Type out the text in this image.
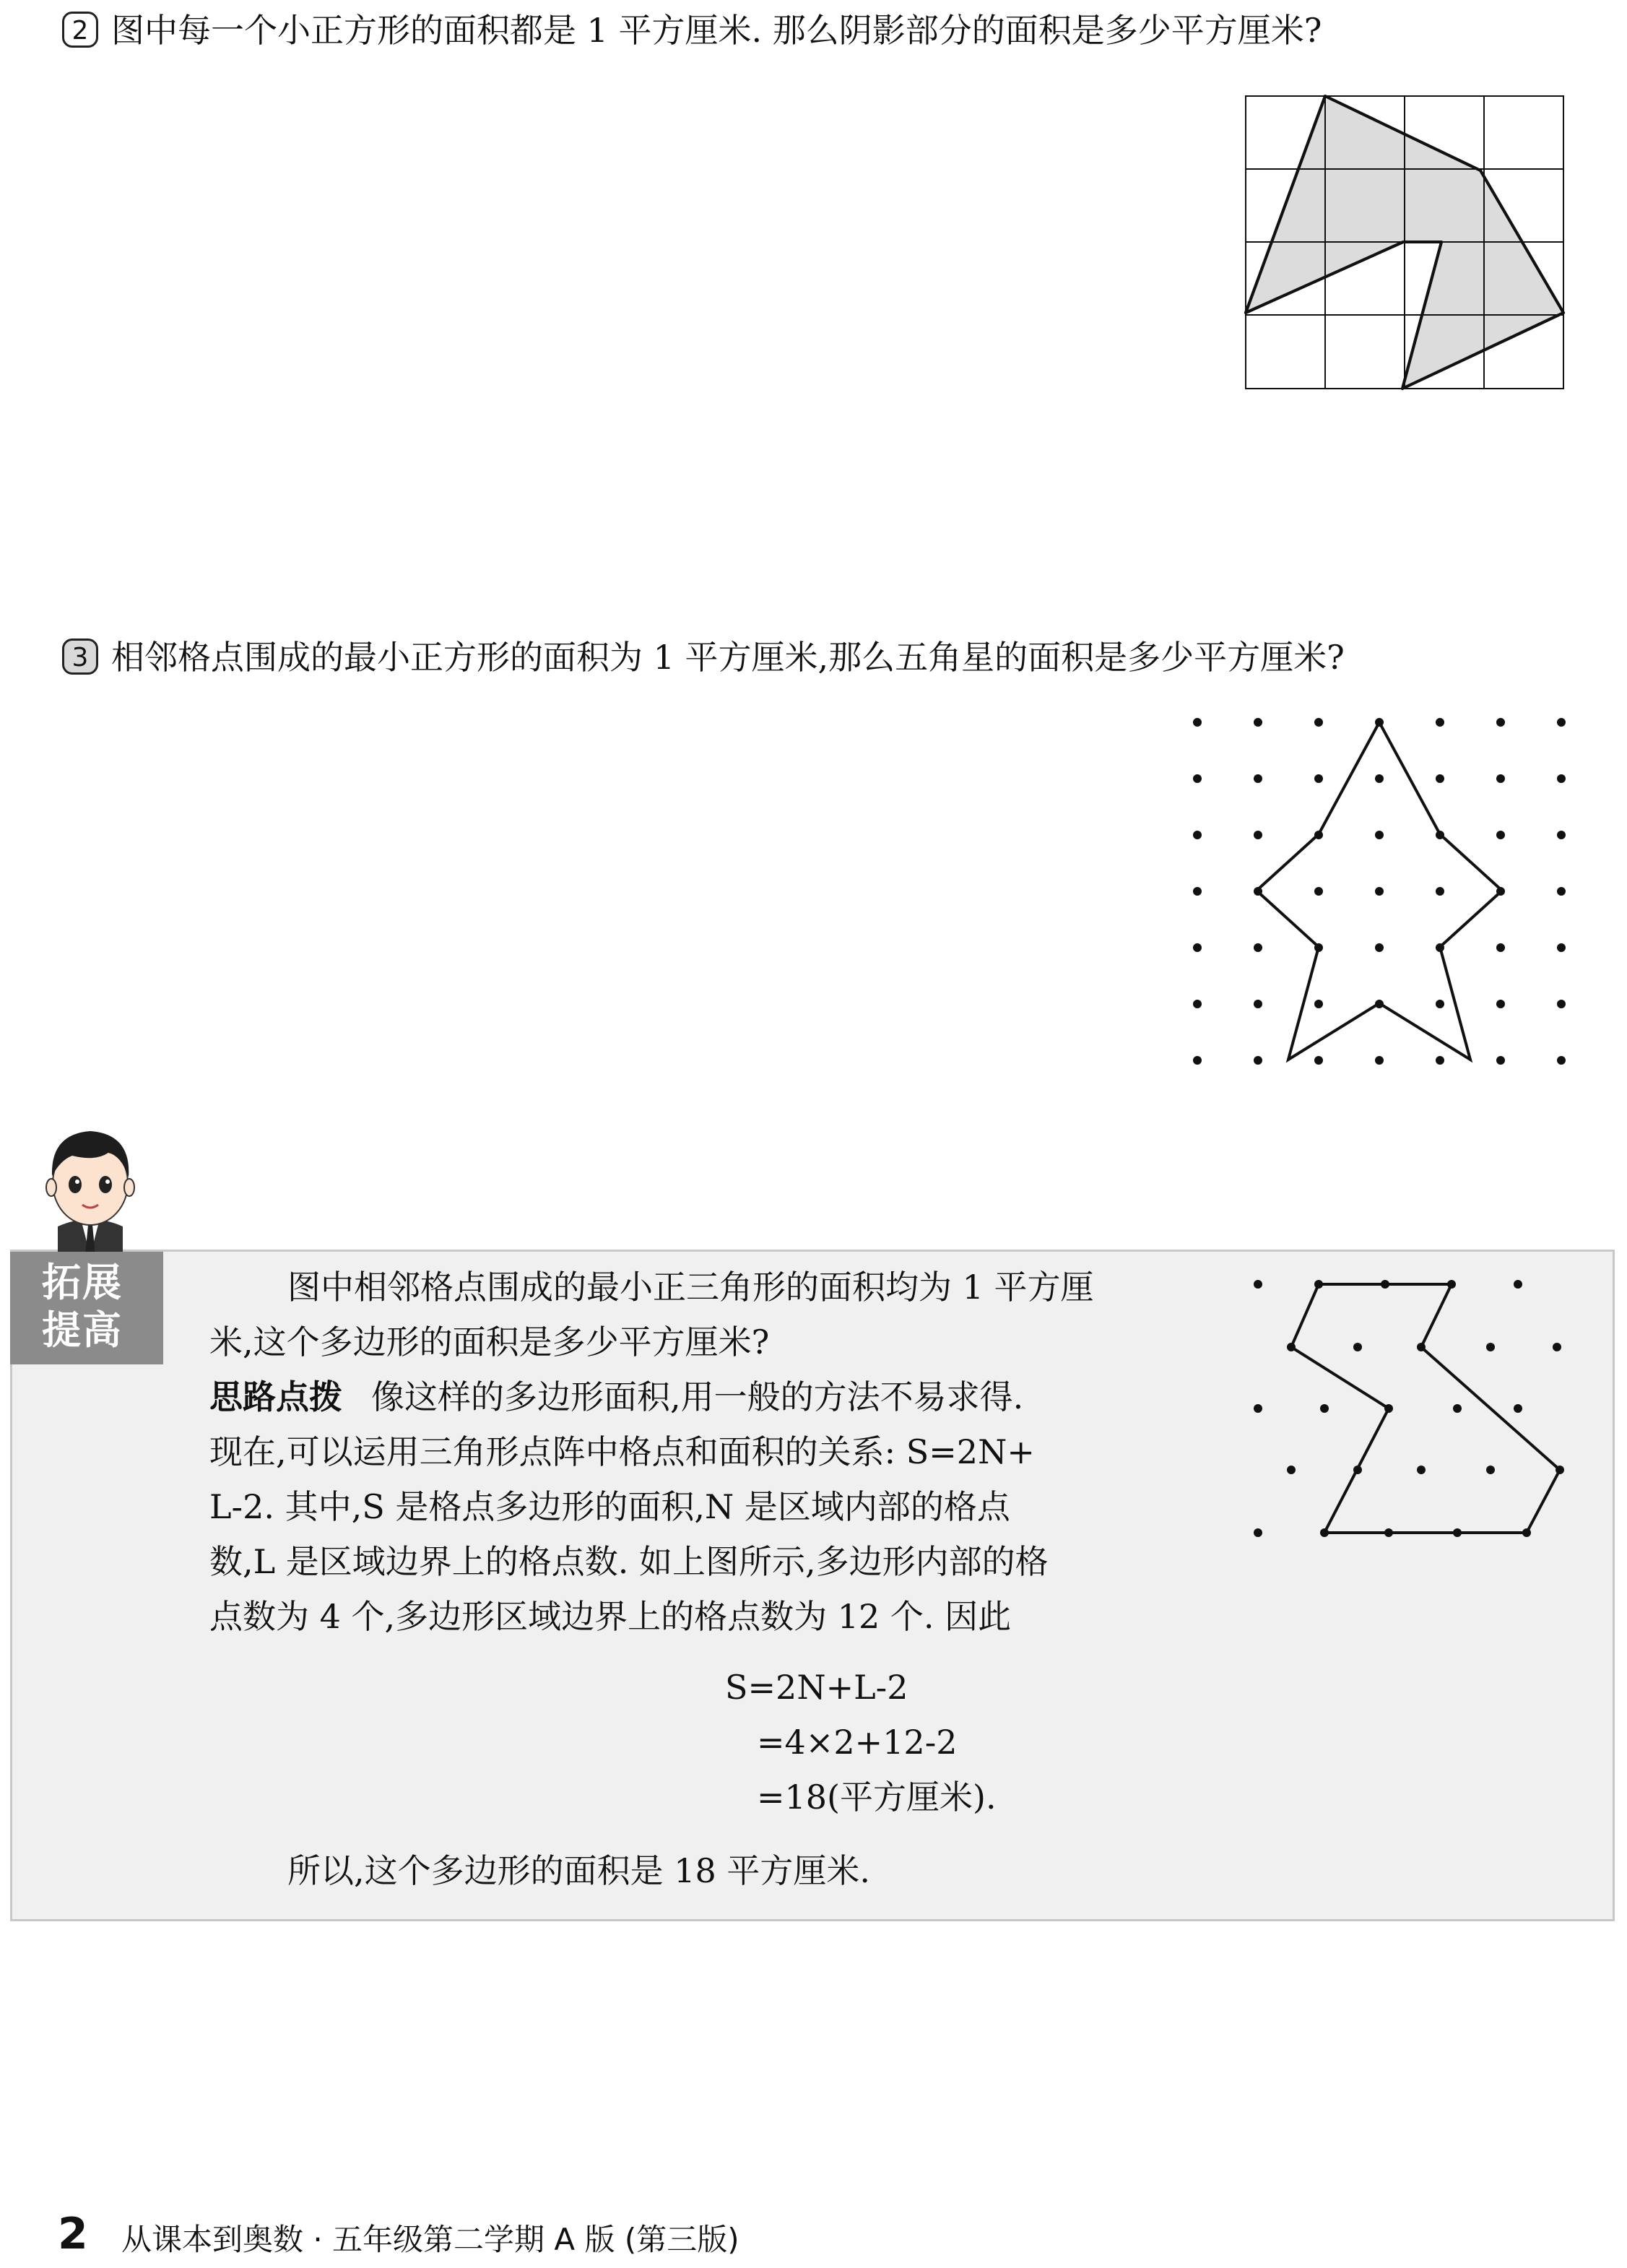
2 图中每一个小正方形的面积都是 1 平方厘米. 那么阴影部分的面积是多少平方厘米?
3 相邻格点围成的最小正方形的面积为 1 平方厘米,那么五角星的面积是多少平方厘米?
拓展
提高
图中相邻格点围成的最小正三角形的面积均为 1 平方厘
米,这个多边形的面积是多少平方厘米?
思路点拨 像这样的多边形面积,用一般的方法不易求得.
现在,可以运用三角形点阵中格点和面积的关系: S=2N+
L-2. 其中,S 是格点多边形的面积,N 是区域内部的格点
数,L 是区域边界上的格点数. 如上图所示,多边形内部的格
点数为 4 个,多边形区域边界上的格点数为 12 个. 因此
S=2N+L-2
=4×2+12-2
=18(平方厘米).
所以,这个多边形的面积是 18 平方厘米.
2 从课本到奥数 · 五年级第二学期 A 版 (第三版)
